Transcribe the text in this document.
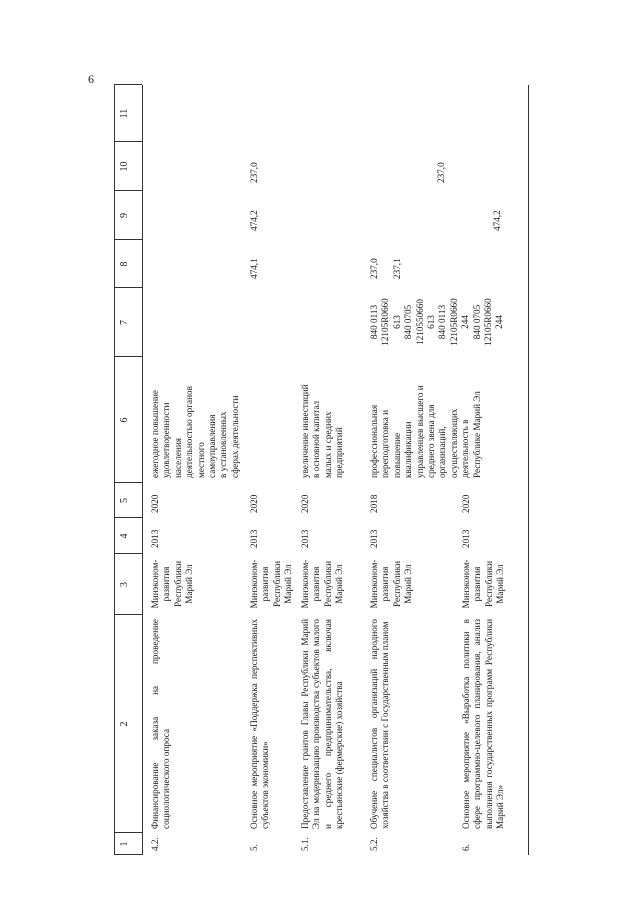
6
1
2
3
4
5
6
7
8
9
10
11
4.2.
Финансирование заказа на проведение социологического опроса
Минэконом-
развития
Республики
Марий Эл
2013
2020
ежегодное повышение
удовлетворенности
населения
деятельностью органов
местного
самоуправления
в установленных
сферах деятельности
5.
Основное мероприятие «Поддержка перспективных субъектов экономики»
Минэконом-
развития
Республики
Марий Эл
2013
2020
474,1
474,2
237,0
5.1.
Предоставление грантов Главы Республики Марий Эл на модернизацию производства субъектов малого и среднего предпринимательства, включая крестьянские (фермерские) хозяйства
Минэконом-
развития
Республики
Марий Эл
2013
2020
увеличение инвестиций
в основной капитал
малых и средних
предприятий
5.2.
Обучение специалистов организаций народного хозяйства в соответствии с Государственным планом
Минэконом-
развития
Республики
Марий Эл
2013
2018
профессиональная
переподготовка и
повышение
квалификации
управленцев высшего и
среднего звена для
организаций,
осуществляющих
деятельность в
Республике Марий Эл
840 0113
12105R0660
613
840 0705
1210550660
613
840 0113
12105R0660
244
840 0705
12105R0660
244
237,0

237,1
474,2
237,0
6.
Основное мероприятие «Выработка политики в сфере программно-целевого планирования, анализ выполнения государственных программ Республики Марий Эл»
Минэконом-
развития
Республики
Марий Эл
2013
2020
